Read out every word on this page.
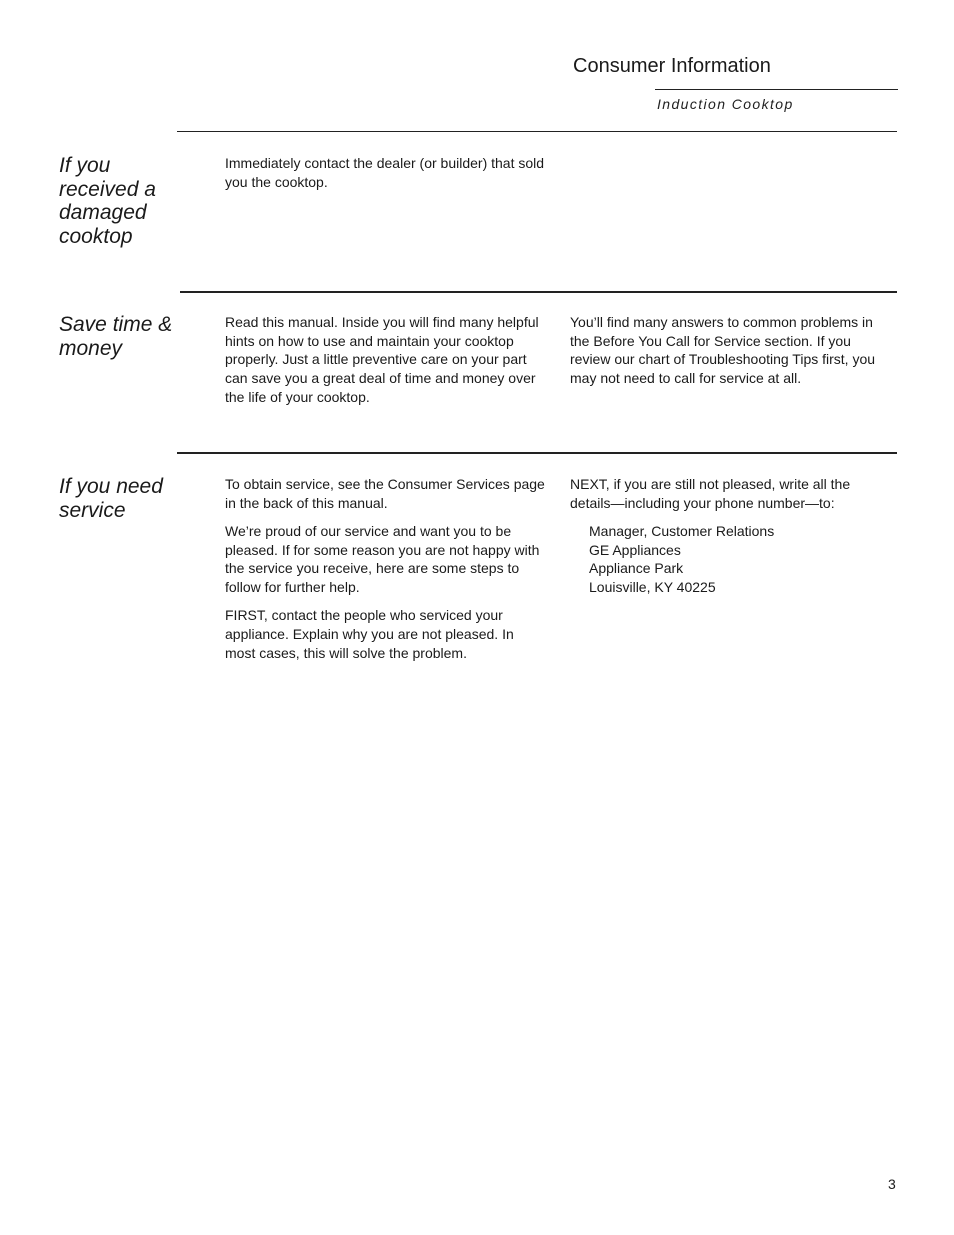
Consumer Information
Induction Cooktop
If you received a damaged cooktop

Immediately contact the dealer (or builder) that sold you the cooktop.

Save time & money

Read this manual. Inside you will find many helpful hints on how to use and maintain your cooktop properly. Just a little preventive care on your part can save you a great deal of time and money over the life of your cooktop.

You’ll find many answers to common problems in the Before You Call for Service section. If you review our chart of Troubleshooting Tips first, you may not need to call for service at all.

If you need service

To obtain service, see the Consumer Services page in the back of this manual.

We’re proud of our service and want you to be pleased. If for some reason you are not happy with the service you receive, here are some steps to follow for further help.

FIRST, contact the people who serviced your appliance. Explain why you are not pleased. In most cases, this will solve the problem.

NEXT, if you are still not pleased, write all the details—including your phone number—to:

Manager, Customer Relations
GE Appliances
Appliance Park
Louisville, KY 40225
3
